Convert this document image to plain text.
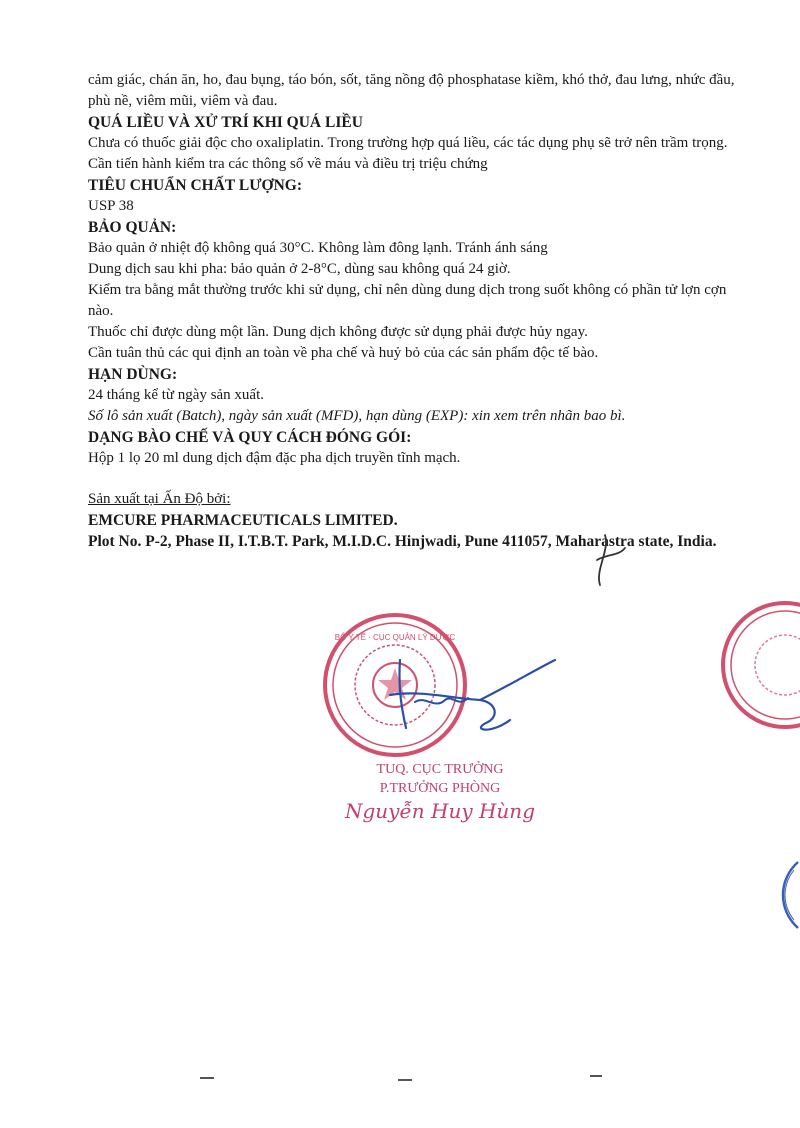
cảm giác, chán ăn, ho, đau bụng, táo bón, sốt, tăng nồng độ phosphatase kiềm, khó thở, đau lưng, nhức đầu, phù nề, viêm mũi, viêm và đau.
QUÁ LIỀU VÀ XỬ TRÍ KHI QUÁ LIỀU
Chưa có thuốc giải độc cho oxaliplatin. Trong trường hợp quá liều, các tác dụng phụ sẽ trở nên trầm trọng. Cần tiến hành kiểm tra các thông số về máu và điều trị triệu chứng
TIÊU CHUẨN CHẤT LƯỢNG:
USP 38
BẢO QUẢN:
Bảo quản ở nhiệt độ không quá 30°C. Không làm đông lạnh. Tránh ánh sáng
Dung dịch sau khi pha: bảo quản ở 2-8°C, dùng sau không quá 24 giờ.
Kiểm tra bằng mắt thường trước khi sử dụng, chỉ nên dùng dung dịch trong suốt không có phần tử lợn cợn nào.
Thuốc chỉ được dùng một lần. Dung dịch không được sử dụng phải được hủy ngay.
Cần tuân thủ các qui định an toàn về pha chế và huỷ bỏ của các sản phẩm độc tế bào.
HẠN DÙNG:
24 tháng kể từ ngày sản xuất.
Số lô sản xuất (Batch), ngày sản xuất (MFD), hạn dùng (EXP): xin xem trên nhãn bao bì.
DẠNG BÀO CHẾ VÀ QUY CÁCH ĐÓNG GÓI:
Hộp 1 lọ 20 ml dung dịch đậm đặc pha dịch truyền tĩnh mạch.
Sản xuất tại Ấn Độ bởi:
EMCURE PHARMACEUTICALS LIMITED.
Plot No. P-2, Phase II, I.T.B.T. Park, M.I.D.C. Hinjwadi, Pune 411057, Maharastra state, India.
BỘ Y TẾ · CỤC QUẢN LÝ DƯỢC
TUQ. CỤC TRƯỞNG
P.TRƯỞNG PHÒNG
Nguyễn Huy Hùng
